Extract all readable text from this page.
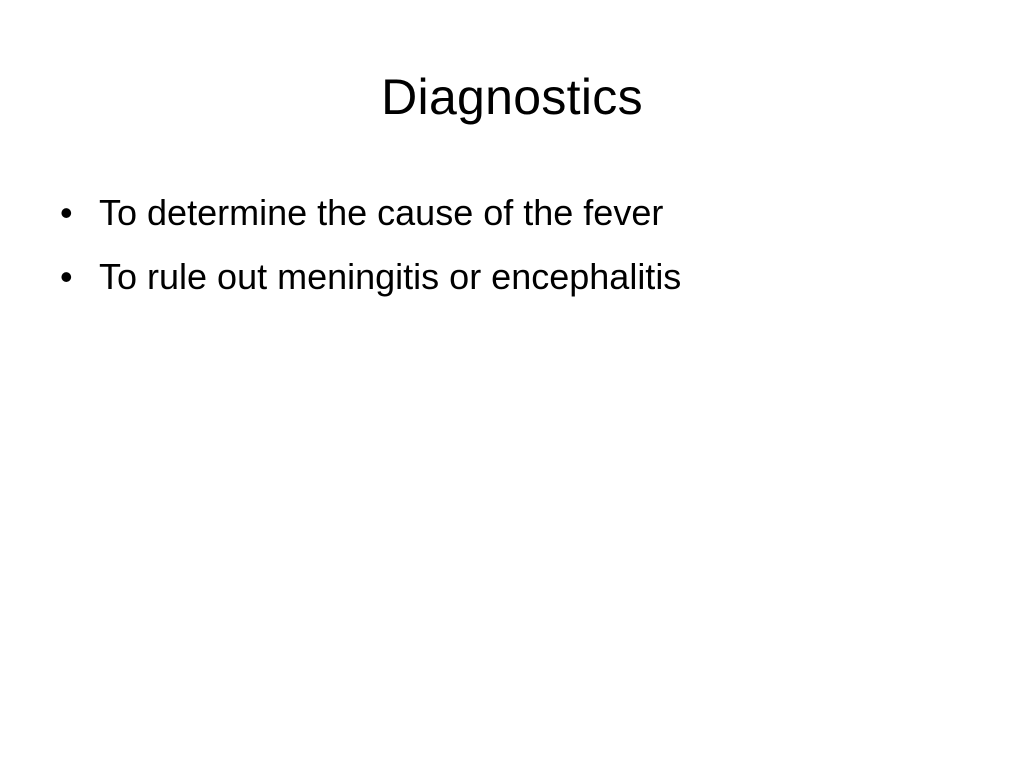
Diagnostics
• To determine the cause of the fever
• To rule out meningitis or encephalitis
